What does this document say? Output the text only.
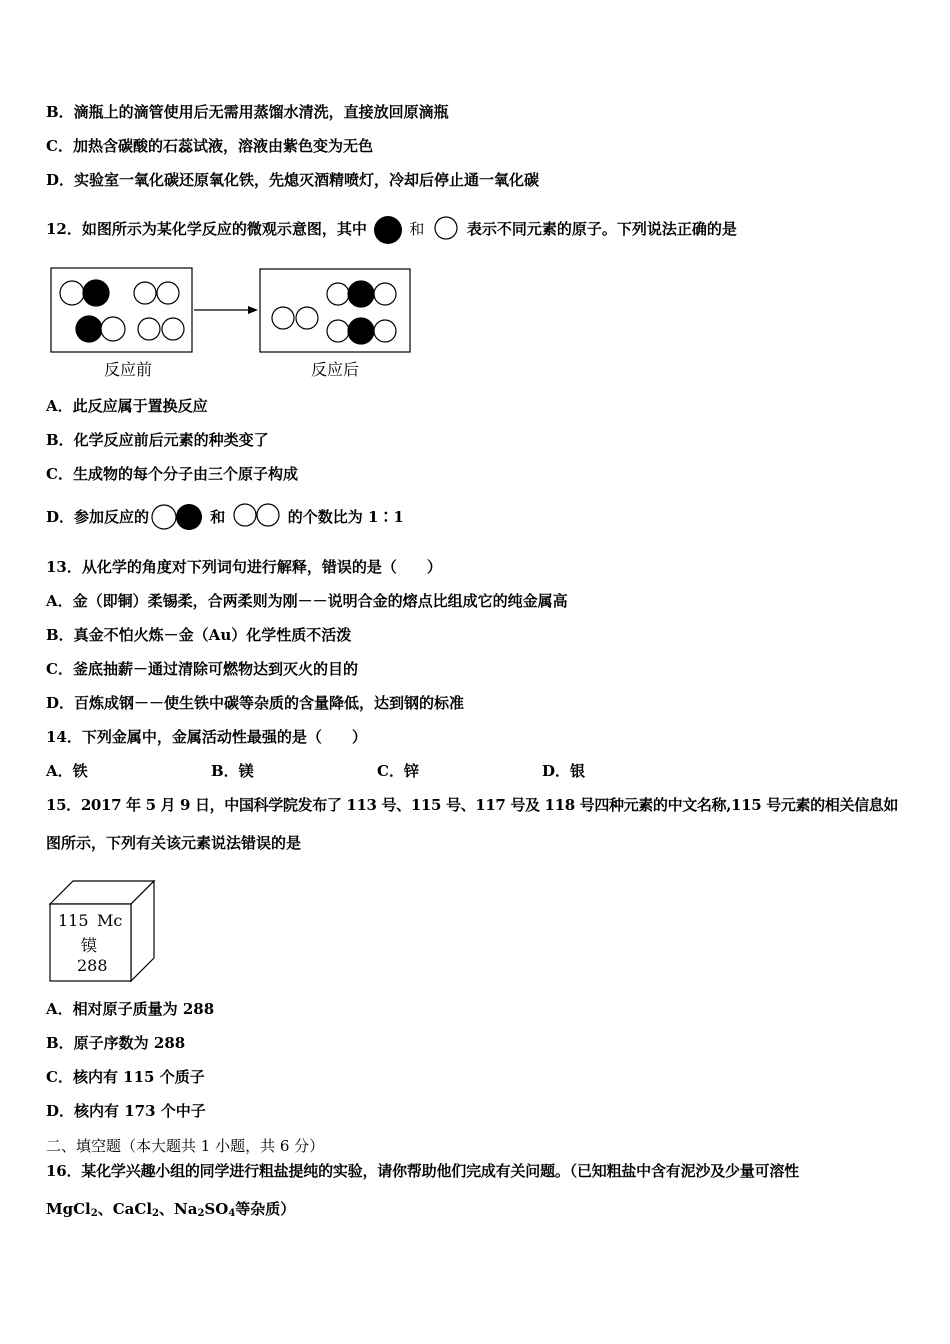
B．滴瓶上的滴管使用后无需用蒸馏水清洗，直接放回原滴瓶
C．加热含碳酸的石蕊试液，溶液由紫色变为无色
D．实验室一氧化碳还原氧化铁，先熄灭酒精喷灯，冷却后停止通一氧化碳
12．如图所示为某化学反应的微观示意图，其中	和	表示不同元素的原子。下列说法正确的是
反应前	反应后
A．此反应属于置换反应
B．化学反应前后元素的种类变了
C．生成物的每个分子由三个原子构成
D．参加反应的	和	的个数比为 1∶1
13．从化学的角度对下列词句进行解释，错误的是（　　）
A．金（即铜）柔锡柔，合两柔则为刚－－说明合金的熔点比组成它的纯金属高
B．真金不怕火炼－金（Au）化学性质不活泼
C．釜底抽薪－通过清除可燃物达到灭火的目的
D．百炼成钢－－使生铁中碳等杂质的含量降低，达到钢的标准
14．下列金属中，金属活动性最强的是（　　）
A．铁	B．镁	C．锌	D．银
15．2017 年 5 月 9 日，中国科学院发布了 113 号、115 号、117 号及 118 号四种元素的中文名称,115 号元素的相关信息如
图所示，下列有关该元素说法错误的是
115 Mc
镆
288
A．相对原子质量为 288
B．原子序数为 288
C．核内有 115 个质子
D．核内有 173 个中子
二、填空题（本大题共 1 小题，共 6 分）
16．某化学兴趣小组的同学进行粗盐提纯的实验，请你帮助他们完成有关问题。（已知粗盐中含有泥沙及少量可溶性
MgCl$_2$、CaCl$_2$、$Na_2SO_4$等杂质）
